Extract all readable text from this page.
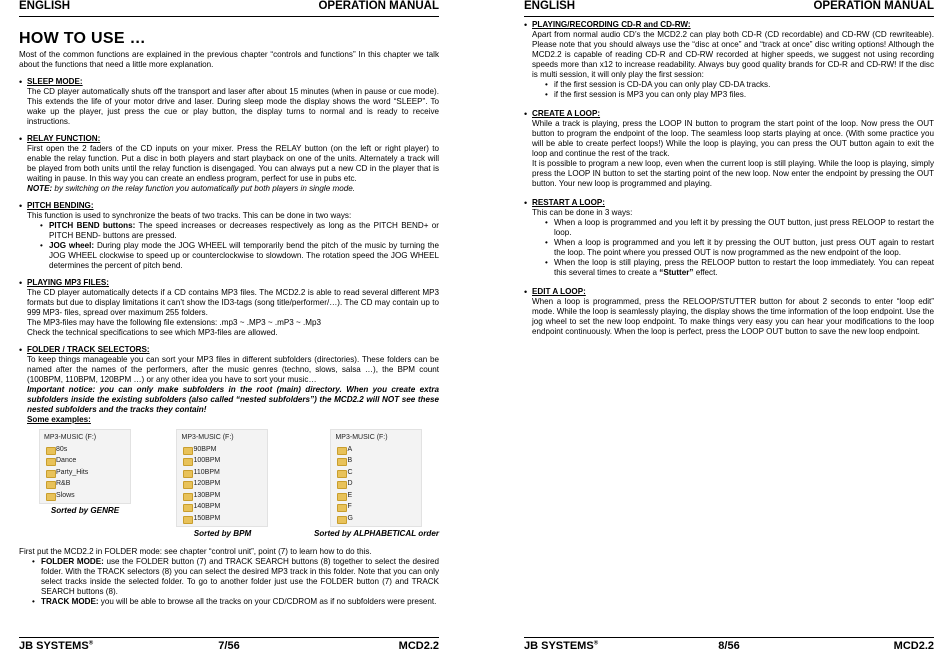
ENGLISH	OPERATION MANUAL
HOW TO USE …

Most of the common functions are explained in the previous chapter “controls and functions” In this chapter we talk about the functions that need a little more explanation.

• SLEEP MODE:

The CD player automatically shuts off the transport and laser after about 15 minutes (when in pause or cue mode). This extends the life of your motor drive and laser. During sleep mode the display shows the word “SLEEP”. To wake up the player, just press the cue or play button, the display turns to normal and is ready to receive instructions.

• RELAY FUNCTION:

First open the 2 faders of the CD inputs on your mixer. Press the RELAY button (on the left or right player) to enable the relay function. Put a disc in both players and start playback on one of the units. Alternately a track will be played from both units until the relay function is disengaged. You can always put a new CD in the player that is waiting in pause. In this way you can create an endless program, perfect for use in pubs etc.

NOTE: by switching on the relay function you automatically put both players in single mode.

• PITCH BENDING:

This function is used to synchronize the beats of two tracks. This can be done in two ways:

• PITCH BEND buttons: The speed increases or decreases respectively as long as the PITCH BEND+ or PITCH BEND- buttons are pressed.
• JOG wheel: During play mode the JOG WHEEL will temporarily bend the pitch of the music by turning the JOG WHEEL clockwise to speed up or counterclockwise to slowdown. The rotation speed the JOG WHEEL determines the percent of pitch bend.
• PLAYING MP3 FILES:

The CD player automatically detects if a CD contains MP3 files. The MCD2.2 is able to read several different MP3 formats but due to display limitations it can’t show the ID3-tags (song title/performer/…). The CD may contain up to 999 MP3- files, spread over maximum 255 folders.

The MP3-files may have the following file extensions: .mp3 ~ .MP3 ~ .mP3 ~ .Mp3

Check the technical specifications to see which MP3-files are allowed.

• FOLDER / TRACK SELECTORS:

To keep things manageable you can sort your MP3 files in different subfolders (directories). These folders can be named after the names of the performers, after the music genres (techno, slows, salsa …), the BPM count (100BPM, 110BPM, 120BPM …) or any other idea you have to sort your music…

Important notice: you can only make subfolders in the root (main) directory. When you create extra subfolders inside the existing subfolders (also called “nested subfolders”) the MCD2.2 will NOT see these nested subfolders and the tracks they contain!

Some examples:
MP3-MUSIC (F:)
80s
Dance
Party_Hits
R&B
Slows
Sorted by GENRE
MP3-MUSIC (F:)
90BPM
100BPM
110BPM
120BPM
130BPM
140BPM
150BPM
Sorted by BPM
MP3-MUSIC (F:)
A
B
C
D
E
F
G
Sorted by ALPHABETICAL order

First put the MCD2.2 in FOLDER mode: see chapter “control unit”, point (7) to learn how to do this.

• FOLDER MODE: use the FOLDER button (7) and TRACK SEARCH buttons (8) together to select the desired folder. With the TRACK selectors (8) you can select the desired MP3 track in this folder. Note that you can only select tracks inside the selected folder. To go to another folder just use the FOLDER button (7) and TRACK SEARCH buttons (8).
• TRACK MODE: you will be able to browse all the tracks on your CD/CDROM as if no subfolders were present.
JB SYSTEMS®	7/56	MCD2.2
ENGLISH	OPERATION MANUAL
• PLAYING/RECORDING CD-R and CD-RW:

Apart from normal audio CD’s the MCD2.2 can play both CD-R (CD recordable) and CD-RW (CD rewriteable). Please note that you should always use the “disc at once” and “track at once” disc writing options! Although the MCD2.2 is capable of reading CD-R and CD-RW recorded at higher speeds, we suggest not using recording speeds more than x12 to increase readability. Always buy good quality brands for CD-R and CD-RW! If the disc is multi session, it will only play the first session:

• if the first session is CD-DA you can only play CD-DA tracks.
• if the first session is MP3 you can only play MP3 files.
• CREATE A LOOP:

While a track is playing, press the LOOP IN button to program the start point of the loop. Now press the OUT button to program the endpoint of the loop. The seamless loop starts playing at once. (With some practice you will be able to create perfect loops!) While the loop is playing, you can press the OUT button again to exit the loop and continue the rest of the track.

It is possible to program a new loop, even when the current loop is still playing. While the loop is playing, simply press the LOOP IN button to set the starting point of the new loop. Now enter the endpoint by pressing the OUT button. Your new loop is programmed and playing.

• RESTART A LOOP:

This can be done in 3 ways:

• When a loop is programmed and you left it by pressing the OUT button, just press RELOOP to restart the loop.
• When a loop is programmed and you left it by pressing the OUT button, just press OUT again to restart the loop. The point where you pressed OUT is now programmed as the new endpoint of the loop.
• When the loop is still playing, press the RELOOP button to restart the loop immediately. You can repeat this several times to create a “Stutter” effect.
• EDIT A LOOP:

When a loop is programmed, press the RELOOP/STUTTER button for about 2 seconds to enter “loop edit” mode. While the loop is seamlessly playing, the display shows the time information of the loop endpoint. Use the jog wheel to set the new loop endpoint. To make things very easy you can hear your modifications to the loop endpoint continuously. When the loop is perfect, press the LOOP OUT button to save the new loop endpoint.

JB SYSTEMS®	8/56	MCD2.2
